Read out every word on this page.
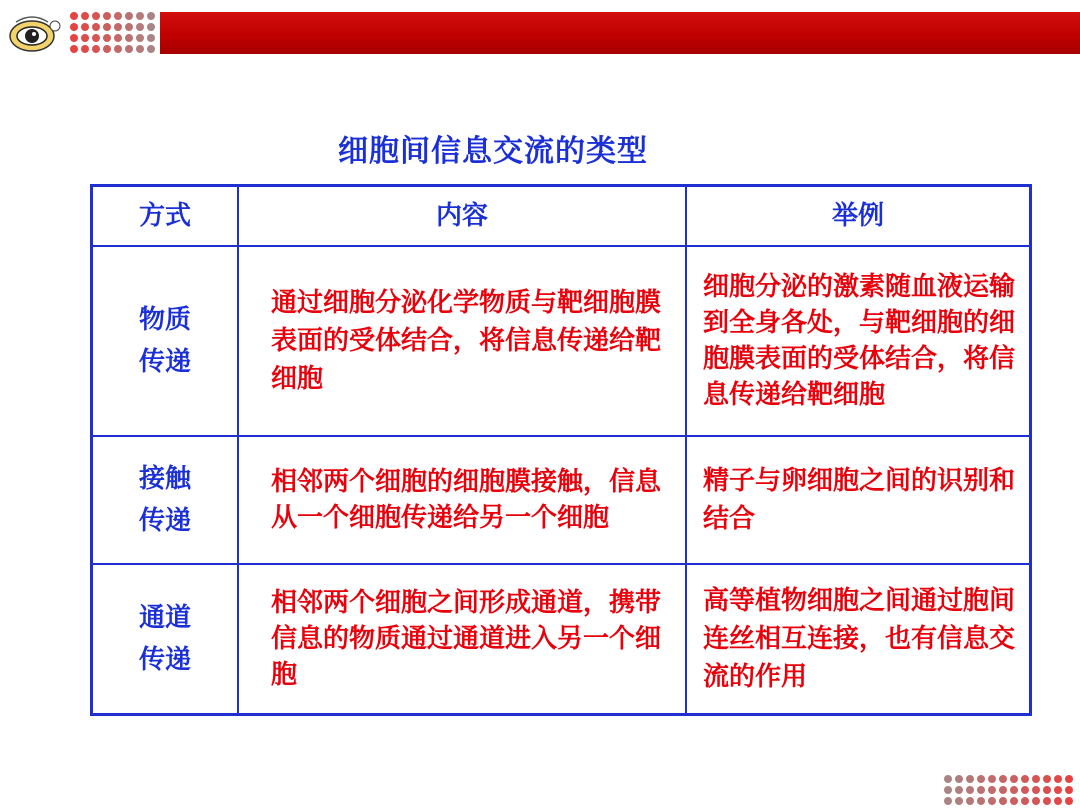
细胞间信息交流的类型
方式	内容	举例

物质传递	通过细胞分泌化学物质与靶细胞膜表面的受体结合，将信息传递给靶细胞	细胞分泌的激素随血液运输到全身各处，与靶细胞的细胞膜表面的受体结合，将信息传递给靶细胞

接触传递	相邻两个细胞的细胞膜接触，信息从一个细胞传递给另一个细胞	精子与卵细胞之间的识别和结合

通道传递	相邻两个细胞之间形成通道，携带信息的物质通过通道进入另一个细胞	高等植物细胞之间通过胞间连丝相互连接，也有信息交流的作用
